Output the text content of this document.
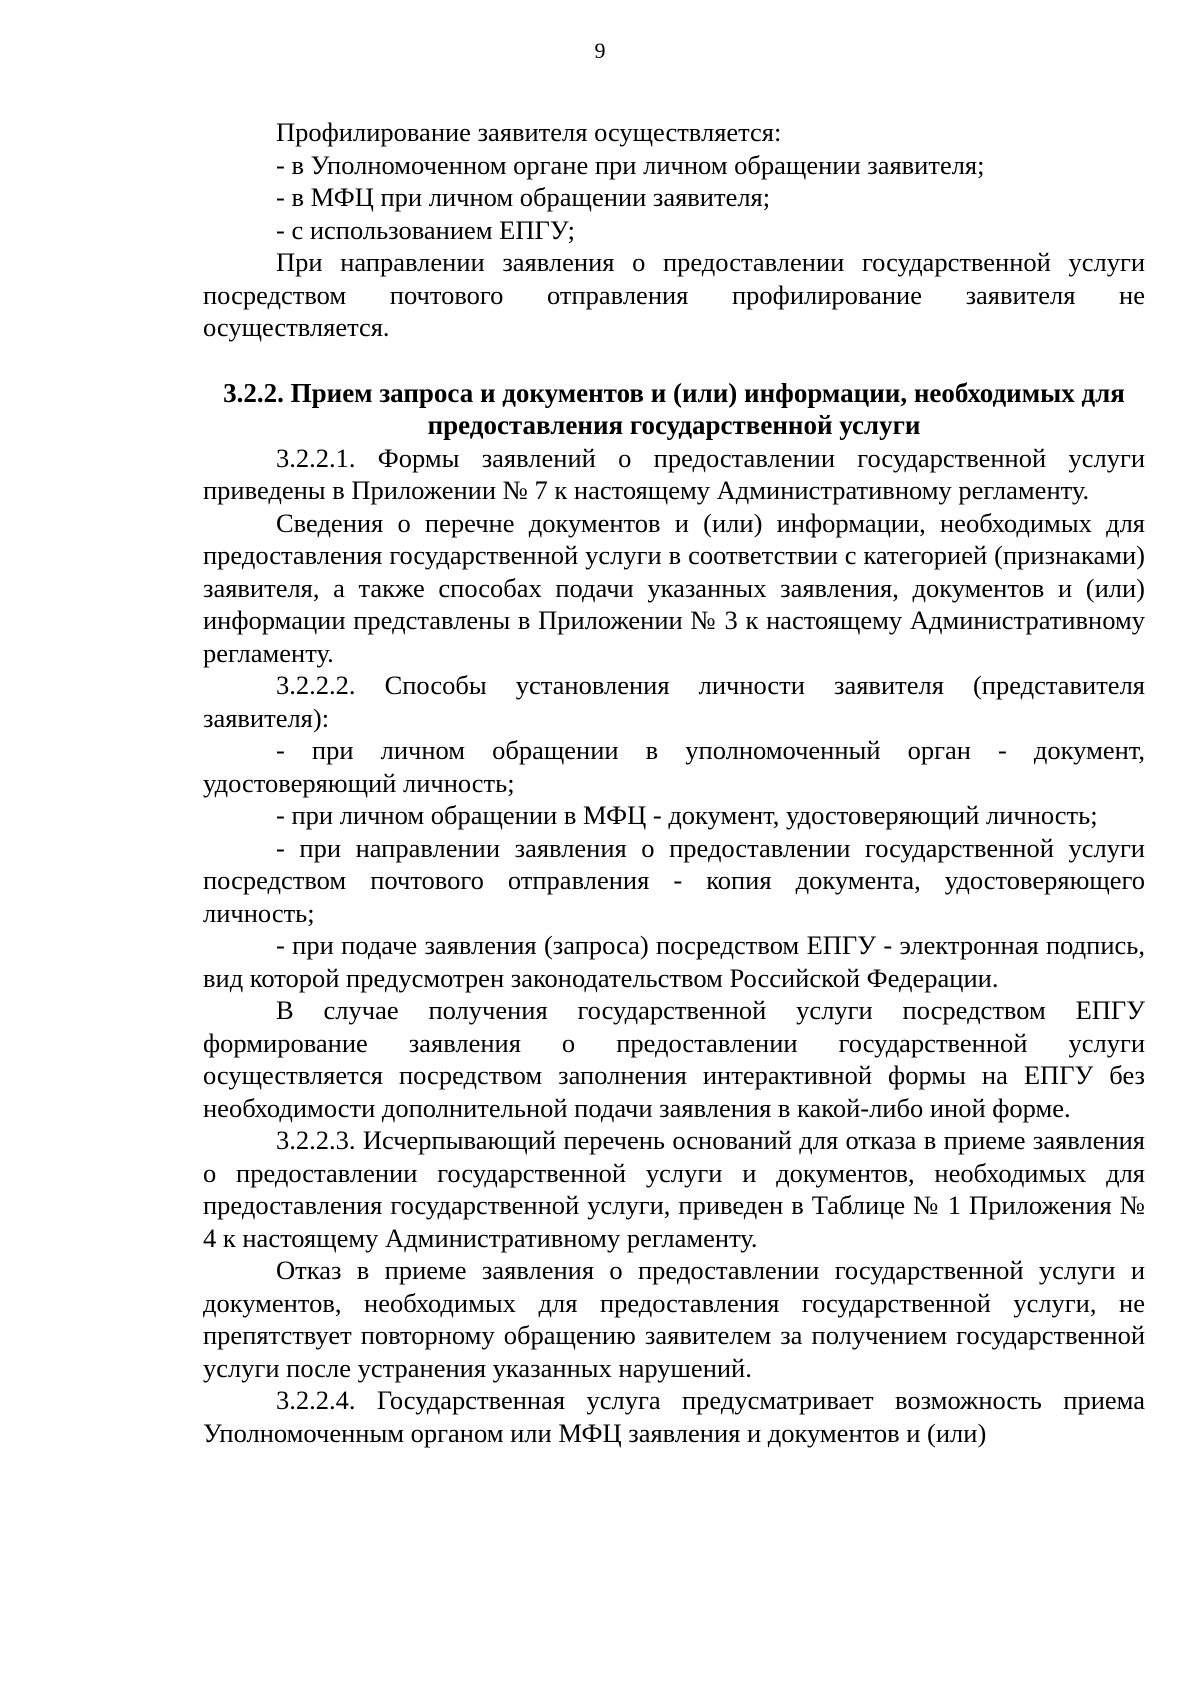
9

Профилирование заявителя осуществляется:

- в Уполномоченном органе при личном обращении заявителя;

- в МФЦ при личном обращении заявителя;

- с использованием ЕПГУ;

При направлении заявления о предоставлении государственной услуги посредством почтового отправления профилирование заявителя не осуществляется.

3.2.2. Прием запроса и документов и (или) информации, необходимых для предоставления государственной услуги

3.2.2.1. Формы заявлений о предоставлении государственной услуги приведены в Приложении № 7 к настоящему Административному регламенту.

Сведения о перечне документов и (или) информации, необходимых для предоставления государственной услуги в соответствии с категорией (признаками) заявителя, а также способах подачи указанных заявления, документов и (или) информации представлены в Приложении № 3 к настоящему Административному регламенту.

3.2.2.2. Способы установления личности заявителя (представителя заявителя):

- при личном обращении в уполномоченный орган - документ, удостоверяющий личность;

- при личном обращении в МФЦ - документ, удостоверяющий личность;

- при направлении заявления о предоставлении государственной услуги посредством почтового отправления - копия документа, удостоверяющего личность;

- при подаче заявления (запроса) посредством ЕПГУ - электронная подпись, вид которой предусмотрен законодательством Российской Федерации.

В случае получения государственной услуги посредством ЕПГУ формирование заявления о предоставлении государственной услуги осуществляется посредством заполнения интерактивной формы на ЕПГУ без необходимости дополнительной подачи заявления в какой-либо иной форме.

3.2.2.3. Исчерпывающий перечень оснований для отказа в приеме заявления о предоставлении государственной услуги и документов, необходимых для предоставления государственной услуги, приведен в Таблице № 1 Приложения № 4 к настоящему Административному регламенту.

Отказ в приеме заявления о предоставлении государственной услуги и документов, необходимых для предоставления государственной услуги, не препятствует повторному обращению заявителем за получением государственной услуги после устранения указанных нарушений.

3.2.2.4. Государственная услуга предусматривает возможность приема Уполномоченным органом или МФЦ заявления и документов и (или)
